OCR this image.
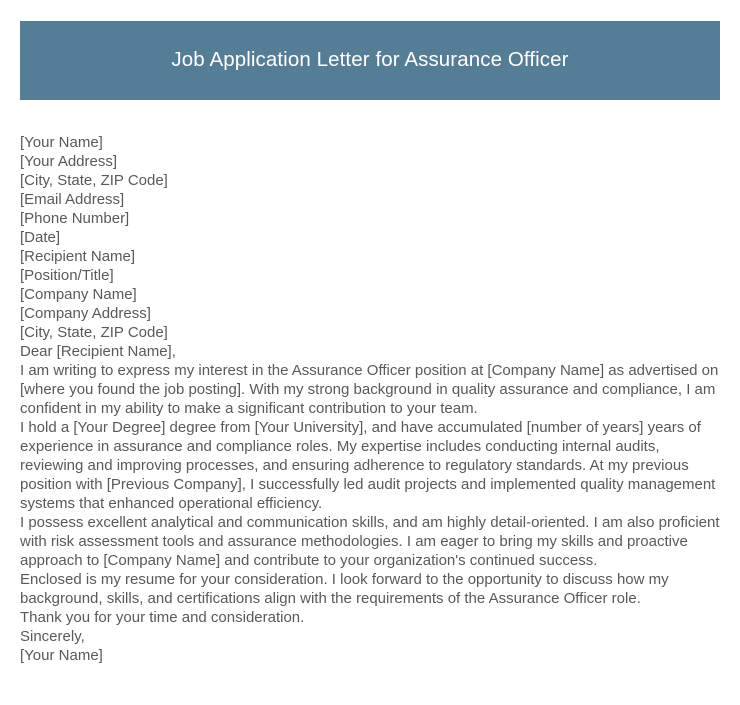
Job Application Letter for Assurance Officer
[Your Name]
[Your Address]
[City, State, ZIP Code]
[Email Address]
[Phone Number]
[Date]
[Recipient Name]
[Position/Title]
[Company Name]
[Company Address]
[City, State, ZIP Code]
Dear [Recipient Name],
I am writing to express my interest in the Assurance Officer position at [Company Name] as advertised on [where you found the job posting]. With my strong background in quality assurance and compliance, I am confident in my ability to make a significant contribution to your team.
I hold a [Your Degree] degree from [Your University], and have accumulated [number of years] years of experience in assurance and compliance roles. My expertise includes conducting internal audits, reviewing and improving processes, and ensuring adherence to regulatory standards. At my previous position with [Previous Company], I successfully led audit projects and implemented quality management systems that enhanced operational efficiency.
I possess excellent analytical and communication skills, and am highly detail-oriented. I am also proficient with risk assessment tools and assurance methodologies. I am eager to bring my skills and proactive approach to [Company Name] and contribute to your organization's continued success.
Enclosed is my resume for your consideration. I look forward to the opportunity to discuss how my background, skills, and certifications align with the requirements of the Assurance Officer role.
Thank you for your time and consideration.
Sincerely,
[Your Name]
